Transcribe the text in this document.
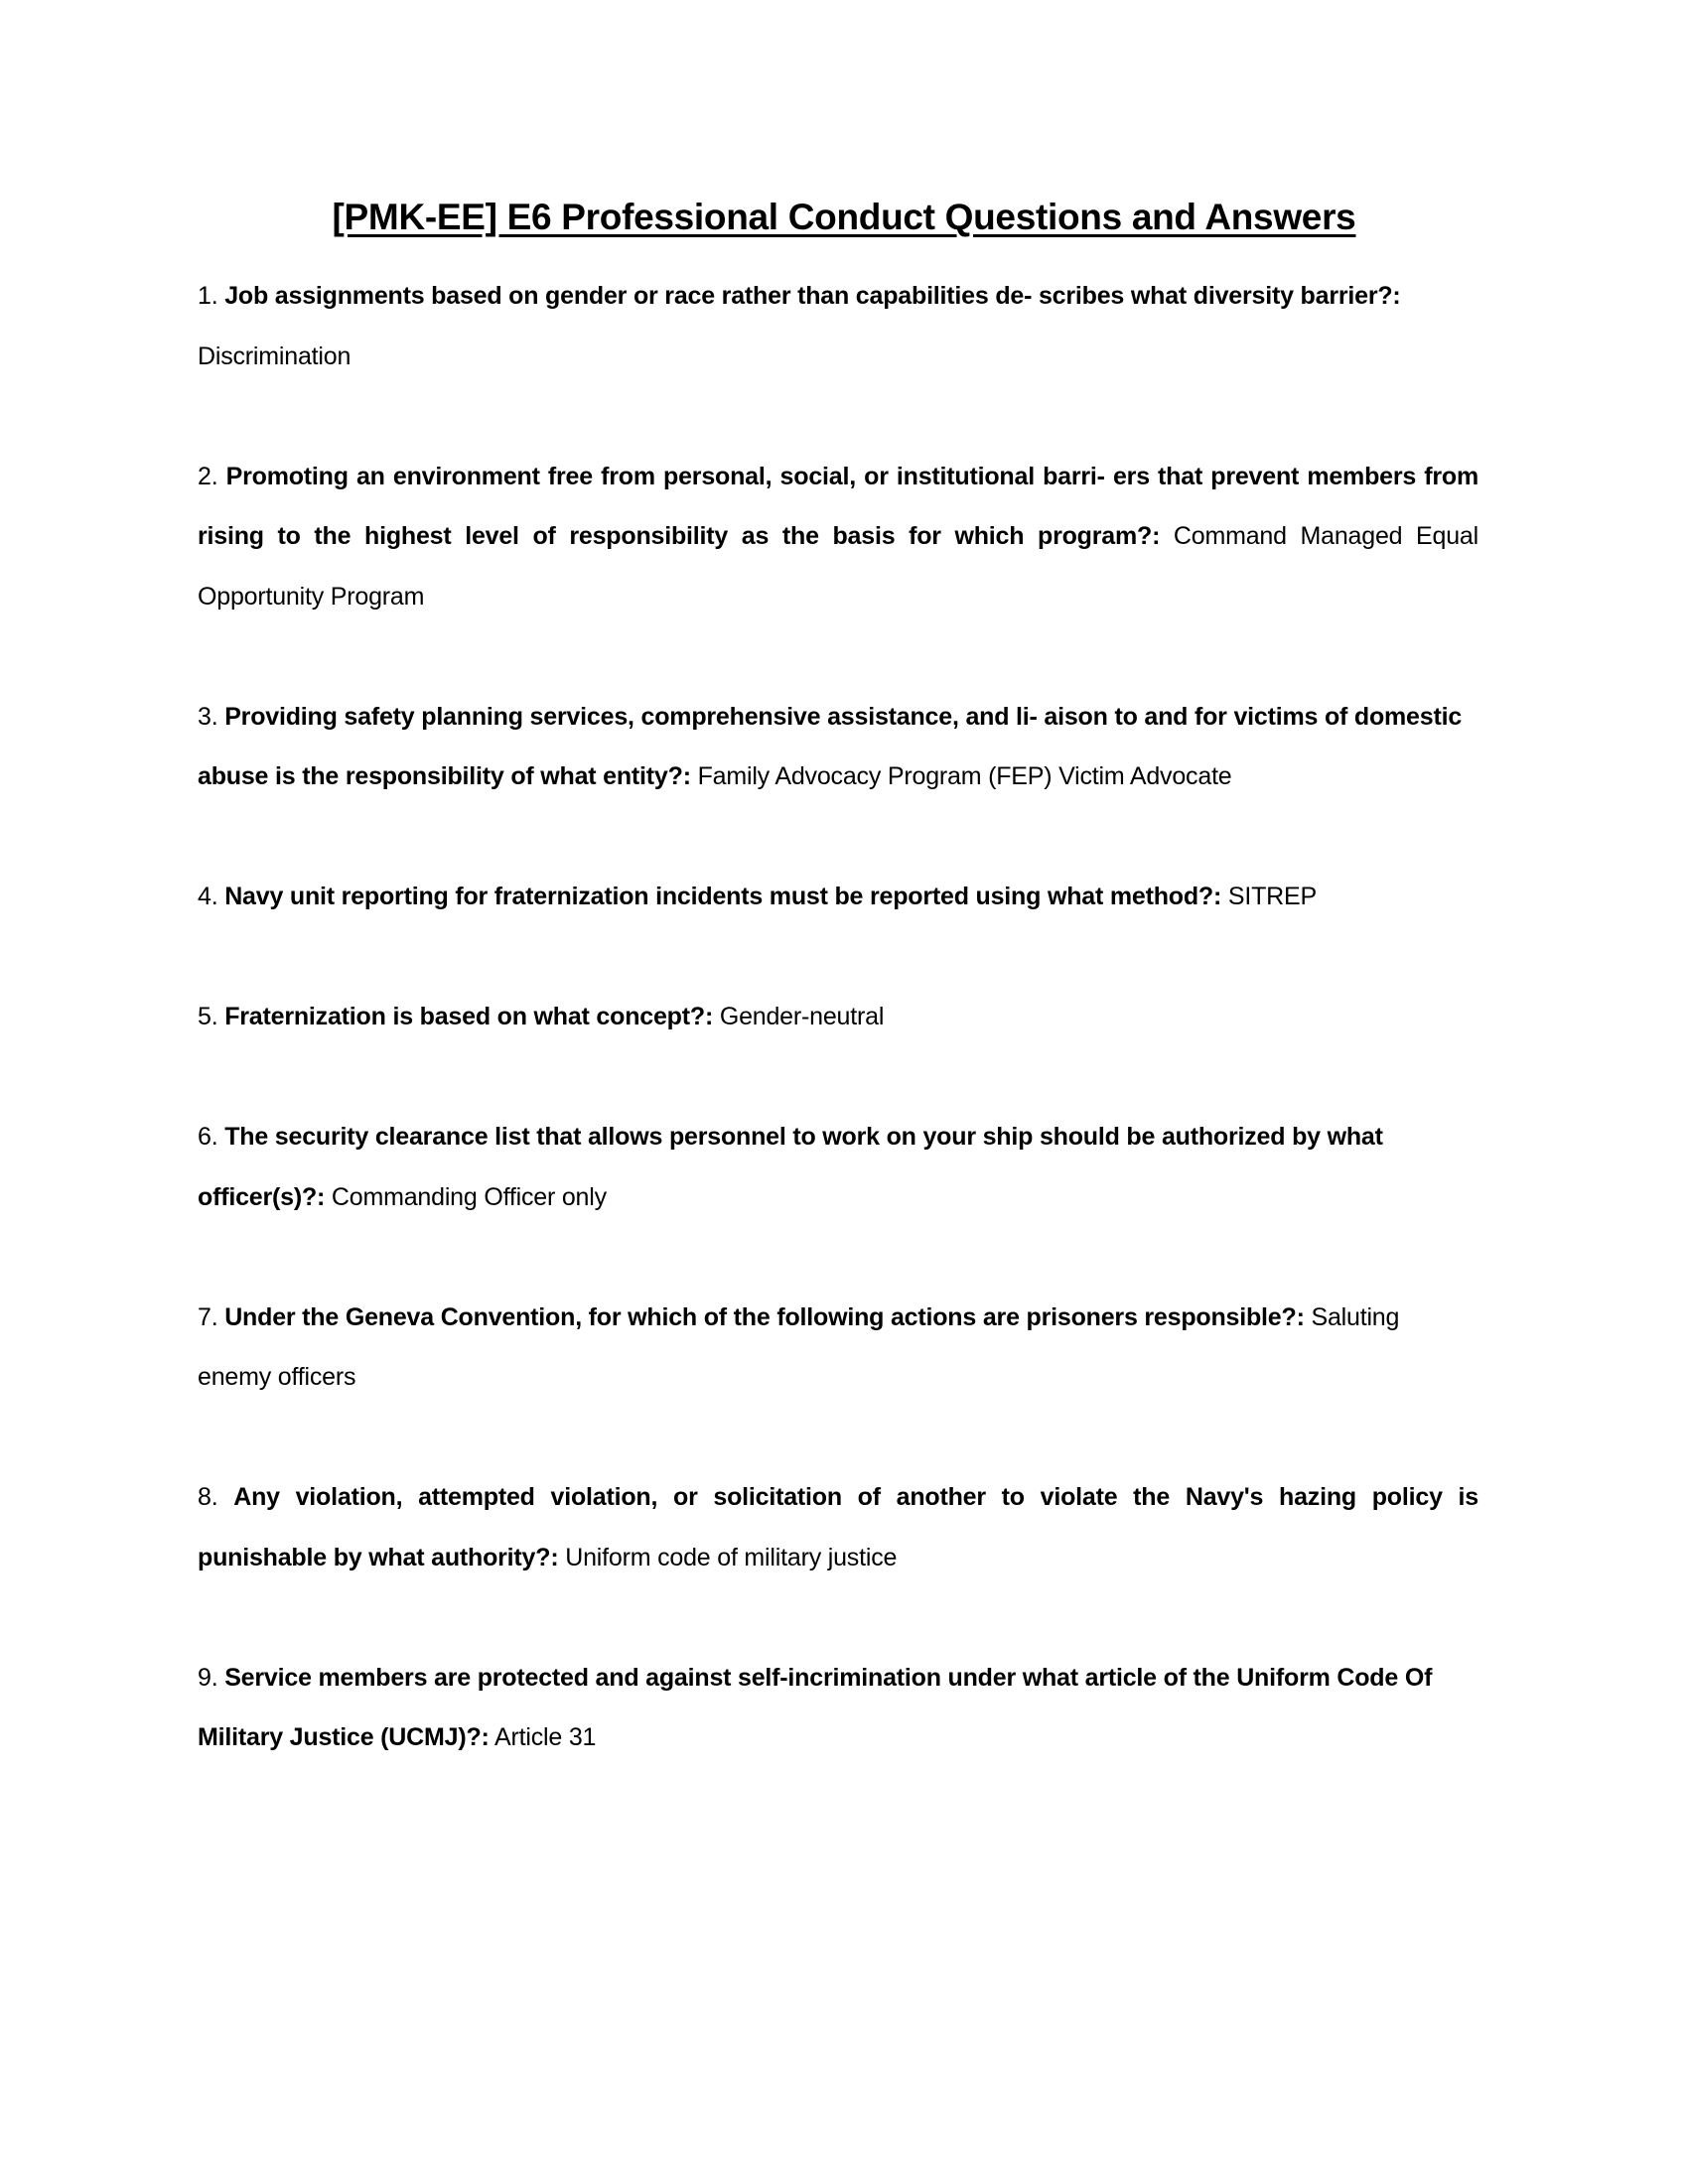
[PMK-EE] E6 Professional Conduct Questions and Answers

1. Job assignments based on gender or race rather than capabilities de- scribes what diversity barrier?: Discrimination

2. Promoting an environment free from personal, social, or institutional barri- ers that prevent members from rising to the highest level of responsibility as the basis for which program?: Command Managed Equal Opportunity Program

3. Providing safety planning services, comprehensive assistance, and li- aison to and for victims of domestic abuse is the responsibility of what entity?: Family Advocacy Program (FEP) Victim Advocate

4. Navy unit reporting for fraternization incidents must be reported using what method?: SITREP

5. Fraternization is based on what concept?: Gender-neutral

6. The security clearance list that allows personnel to work on your ship should be authorized by what officer(s)?: Commanding Officer only

7. Under the Geneva Convention, for which of the following actions are prisoners responsible?: Saluting enemy officers

8. Any violation, attempted violation, or solicitation of another to violate the Navy's hazing policy is punishable by what authority?: Uniform code of military justice

9. Service members are protected and against self-incrimination under what article of the Uniform Code Of Military Justice (UCMJ)?: Article 31
